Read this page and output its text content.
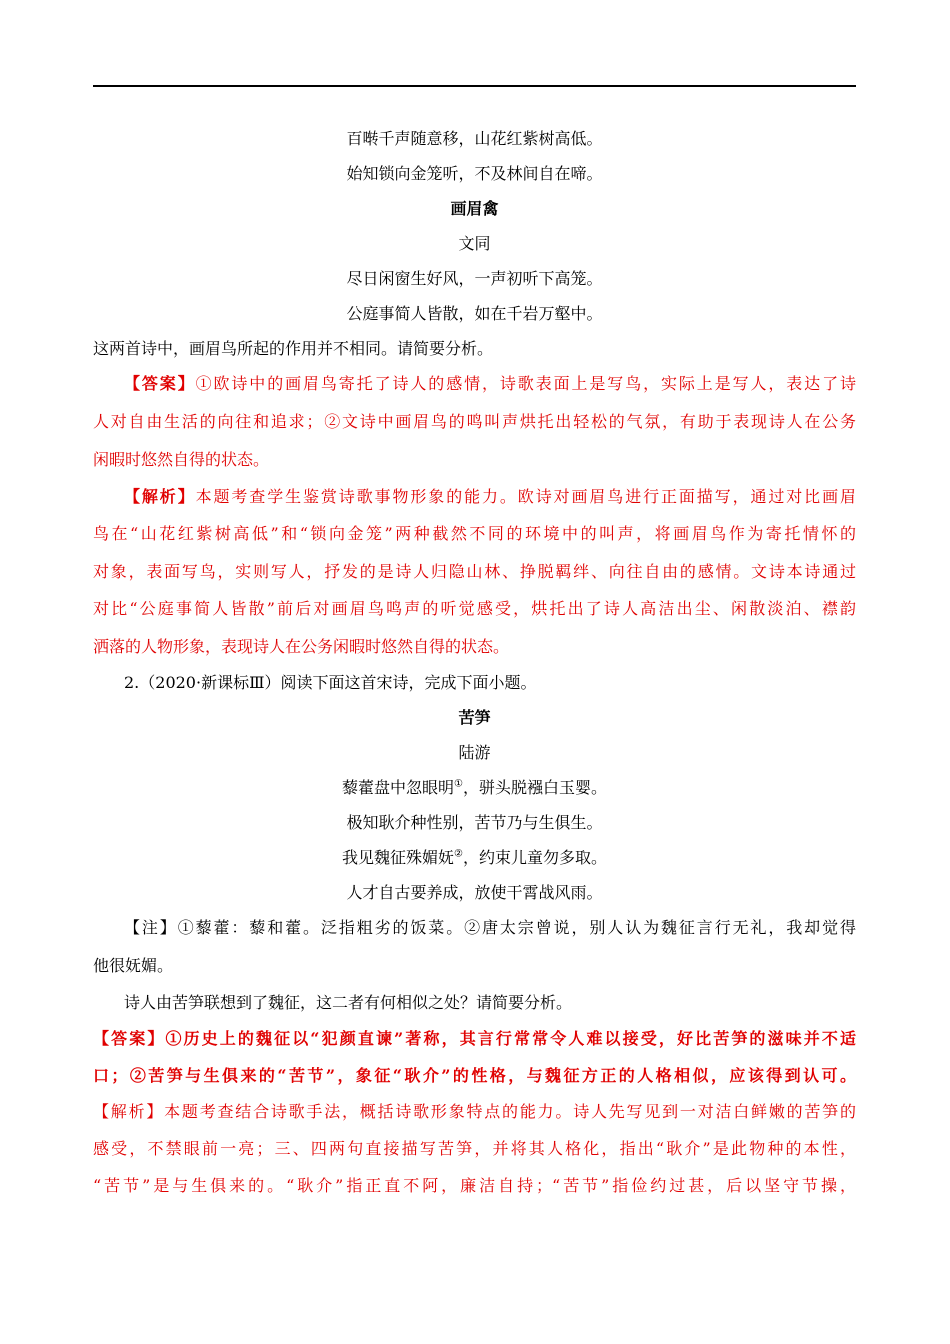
百啭千声随意移，山花红紫树高低。
始知锁向金笼听，不及林间自在啼。
画眉禽
文同
尽日闲窗生好风，一声初听下高笼。
公庭事简人皆散，如在千岩万壑中。
这两首诗中，画眉鸟所起的作用并不相同。请简要分析。
【答案】①欧诗中的画眉鸟寄托了诗人的感情，诗歌表面上是写鸟，实际上是写人，表达了诗
人对自由生活的向往和追求；②文诗中画眉鸟的鸣叫声烘托出轻松的气氛，有助于表现诗人在公务
闲暇时悠然自得的状态。
【解析】本题考查学生鉴赏诗歌事物形象的能力。欧诗对画眉鸟进行正面描写，通过对比画眉
鸟在“山花红紫树高低”和“锁向金笼”两种截然不同的环境中的叫声，将画眉鸟作为寄托情怀的
对象，表面写鸟，实则写人，抒发的是诗人归隐山林、挣脱羁绊、向往自由的感情。文诗本诗通过
对比“公庭事简人皆散”前后对画眉鸟鸣声的听觉感受，烘托出了诗人高洁出尘、闲散淡泊、襟韵
洒落的人物形象，表现诗人在公务闲暇时悠然自得的状态。
2.（2020·新课标Ⅲ）阅读下面这首宋诗，完成下面小题。
苦笋
陆游
藜藿盘中忽眼明①，骈头脱襁白玉婴。
极知耿介种性别，苦节乃与生俱生。
我见魏征殊媚妩②，约束儿童勿多取。
人才自古要养成，放使干霄战风雨。
【注】①藜藿：藜和藿。泛指粗劣的饭菜。②唐太宗曾说，别人认为魏征言行无礼，我却觉得
他很妩媚。
诗人由苦笋联想到了魏征，这二者有何相似之处？请简要分析。
【答案】①历史上的魏征以“犯颜直谏”著称，其言行常常令人难以接受，好比苦笋的滋味并不适
口；②苦笋与生俱来的“苦节”，象征“耿介”的性格，与魏征方正的人格相似，应该得到认可。
【解析】本题考查结合诗歌手法，概括诗歌形象特点的能力。诗人先写见到一对洁白鲜嫩的苦笋的
感受，不禁眼前一亮；三、四两句直接描写苦笋，并将其人格化，指出“耿介”是此物种的本性，
“苦节”是与生俱来的。“耿介”指正直不阿，廉洁自持；“苦节”指俭约过甚，后以坚守节操，
